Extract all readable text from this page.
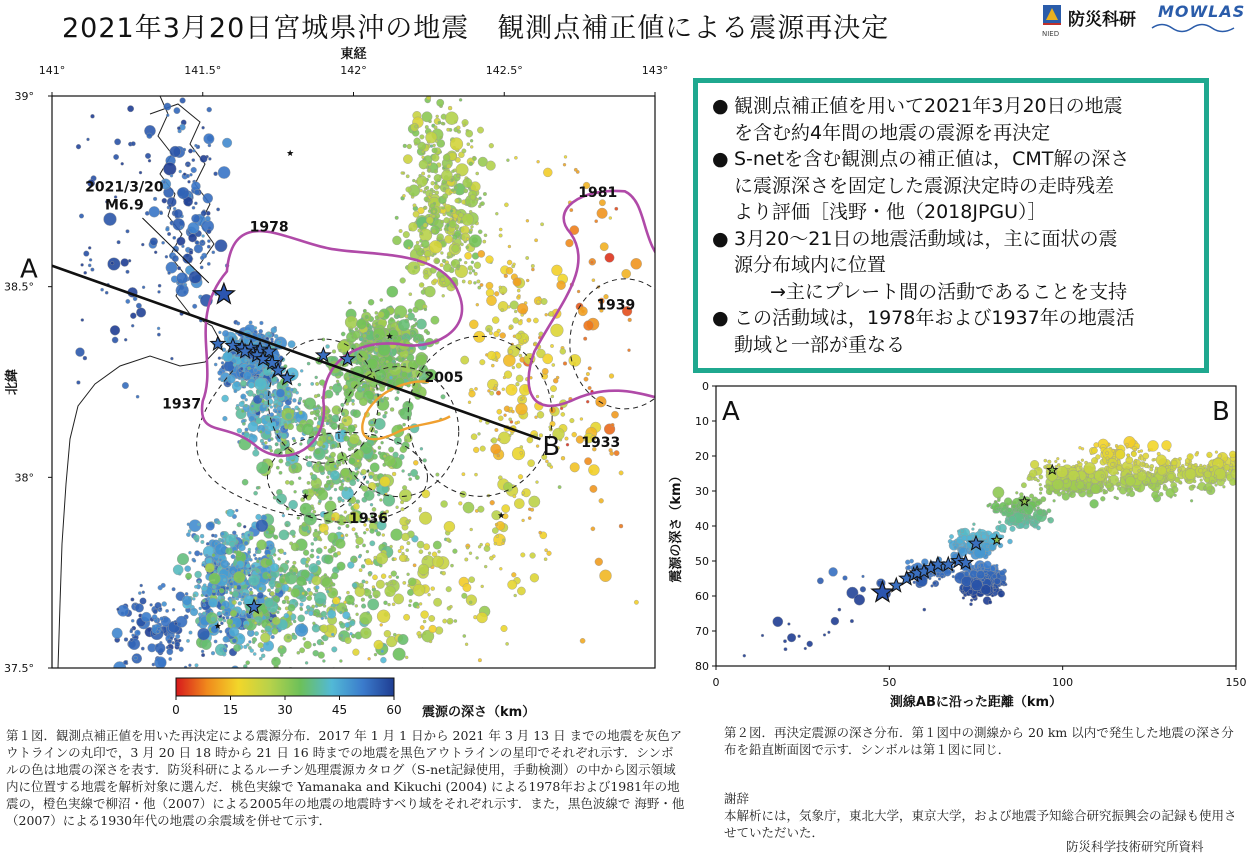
2021年3月20日宮城県沖の地震　観測点補正値による震源再決定	防災科研
NIED
MOWLAS
141°	141.5°	142°	142.5°	143°
37.5°
38°
38.5°
39°
東経
北緯
A
B
2021/3/20
M6.9
1978
1981
1939
2005
1937
1933
1936
0	15	30	45	60 震源の深さ（km）
● 観測点補正値を用いて2021年3月20日の地震
を含む約4年間の地震の震源を再決定
● S-netを含む観測点の補正値は，CMT解の深さ
に震源深さを固定した震源決定時の走時残差
より評価［浅野・他（2018JPGU）］
● 3月20〜21日の地震活動域は，主に面状の震
源分布域内に位置
→主にプレート間の活動であることを支持
● この活動域は，1978年および1937年の地震活
動域と一部が重なる
0	50	100	150
0
10
20
30
40
50
60
70
80
測線ABに沿った距離（km）
震源の深さ（km）
A	B
第１図．観測点補正値を用いた再決定による震源分布．2017 年 1 月 1 日から 2021 年 3 月 13 日 までの地震を灰色アウトラインの丸印で，3 月 20 日 18 時から 21 日 16 時までの地震を黒色アウトラインの星印でそれぞれ示す．シンボルの色は地震の深さを表す．防災科研によるルーチン処理震源カタログ（S-net記録使用，手動検測）の中から図示領域内に位置する地震を解析対象に選んだ．桃色実線で Yamanaka and Kikuchi (2004) による1978年および1981年の地震の，橙色実線で柳沼・他（2007）による2005年の地震の地震時すべり域をそれぞれ示す．また，黒色波線で 海野・他（2007）による1930年代の地震の余震域を併せて示す．
第２図．再決定震源の深さ分布．第１図中の測線から 20 km 以内で発生した地震の深さ分布を鉛直断面図で示す．シンボルは第１図に同じ．
謝辞
本解析には，気象庁，東北大学，東京大学，および地震予知総合研究振興会の記録も使用させていただいた．
防災科学技術研究所資料
